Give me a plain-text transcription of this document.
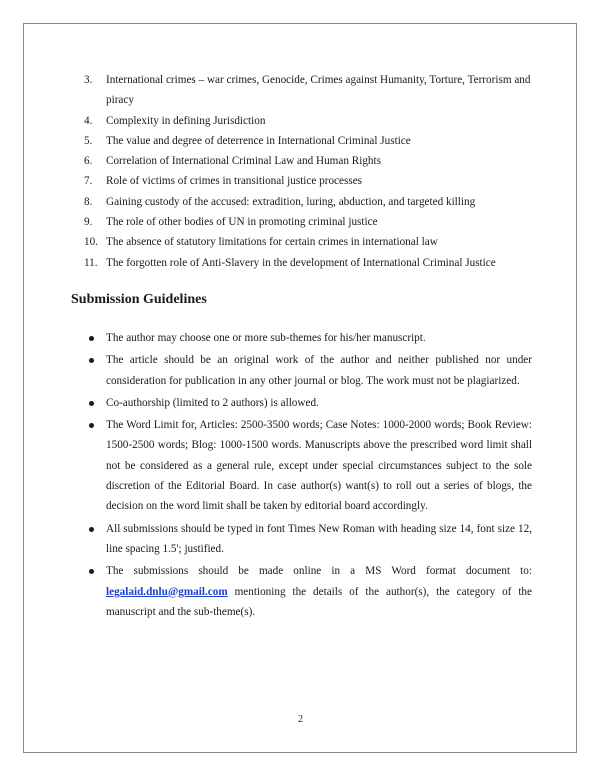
3. International crimes – war crimes, Genocide, Crimes against Humanity, Torture, Terrorism and piracy
4. Complexity in defining Jurisdiction
5. The value and degree of deterrence in International Criminal Justice
6. Correlation of International Criminal Law and Human Rights
7. Role of victims of crimes in transitional justice processes
8. Gaining custody of the accused: extradition, luring, abduction, and targeted killing
9. The role of other bodies of UN in promoting criminal justice
10. The absence of statutory limitations for certain crimes in international law
11. The forgotten role of Anti-Slavery in the development of International Criminal Justice
Submission Guidelines
The author may choose one or more sub-themes for his/her manuscript.
The article should be an original work of the author and neither published nor under consideration for publication in any other journal or blog. The work must not be plagiarized.
Co-authorship (limited to 2 authors) is allowed.
The Word Limit for, Articles: 2500-3500 words; Case Notes: 1000-2000 words; Book Review: 1500-2500 words; Blog: 1000-1500 words. Manuscripts above the prescribed word limit shall not be considered as a general rule, except under special circumstances subject to the sole discretion of the Editorial Board. In case author(s) want(s) to roll out a series of blogs, the decision on the word limit shall be taken by editorial board accordingly.
All submissions should be typed in font Times New Roman with heading size 14, font size 12, line spacing 1.5'; justified.
The submissions should be made online in a MS Word format document to: legalaid.dnlu@gmail.com mentioning the details of the author(s), the category of the manuscript and the sub-theme(s).
2
